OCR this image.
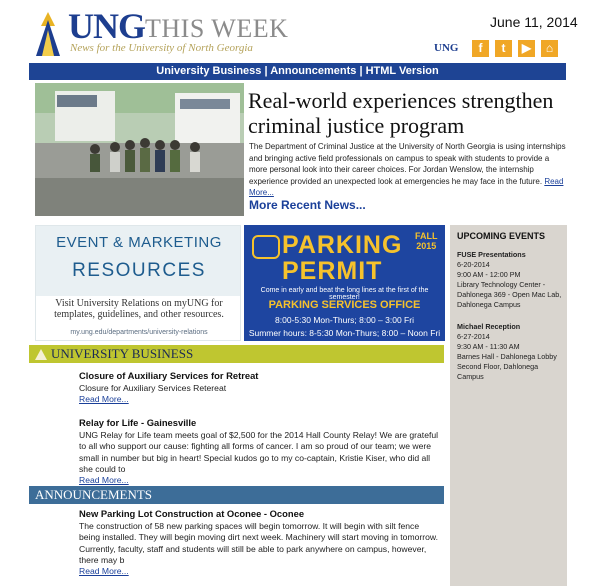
UNG THIS WEEK
News for the University of North Georgia
June 11, 2014
UNG	f	t	▶	⌂
University Business | Announcements | HTML Version
Real-world experiences strengthen criminal justice program
The Department of Criminal Justice at the University of North Georgia is using internships and bringing active field professionals on campus to speak with students to provide a more personal look into their career choices. For Jordan Wenslow, the internship experience provided an unexpected look at emergencies he may face in the future. Read More...
More Recent News...
EVENT & MARKETING
RESOURCES
Visit University Relations on myUNG for templates, guidelines, and other resources.
my.ung.edu/departments/university-relations
PARKING
PERMIT
FALL
2015
Come in early and beat the long lines at the first of the semester!
PARKING SERVICES OFFICE
8:00-5:30 Mon-Thurs; 8:00 – 3:00 Fri
Summer hours: 8-5:30 Mon-Thurs; 8:00 – Noon Fri
UPCOMING EVENTS
FUSE Presentations
6-20-2014
9:00 AM - 12:00 PM
Library Technology Center - Dahlonega 369 - Open Mac Lab, Dahlonega Campus
Michael Reception
6-27-2014
9:30 AM - 11:30 AM
Barnes Hall - Dahlonega Lobby Second Floor, Dahlonega Campus
UNIVERSITY BUSINESS
Closure of Auxiliary Services for Retreat
Closure for Auxiliary Services Retereat
Read More...
Relay for Life - Gainesville
UNG Relay for Life team meets goal of $2,500 for the 2014 Hall County Relay! We are grateful to all who support our cause: fighting all forms of cancer. I am so proud of our team; we were small in number but big in heart! Special kudos go to my co-captain, Kristie Kiser, who did all she could to
Read More...
ANNOUNCEMENTS
New Parking Lot Construction at Oconee - Oconee
The construction of 58 new parking spaces will begin tomorrow. It will begin with silt fence being installed. They will begin moving dirt next week. Machinery will start moving in tomorrow. Currently, faculty, staff and students will still be able to park anywhere on campus, however, there may b
Read More...
